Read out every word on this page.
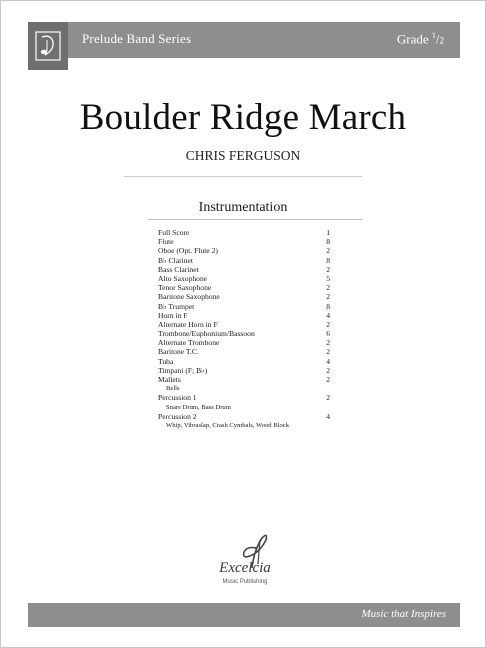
Prelude Band Series	Grade $^1$/2
Boulder Ridge March
CHRIS FERGUSON
Instrumentation
Full Score	1
Flute	8
Oboe (Opt. Flute 2)	2
B♭ Clarinet	8
Bass Clarinet	2
Alto Saxophone	5
Tenor Saxophone	2
Baritone Saxophone	2
B♭ Trumpet	8
Horn in F	4
Alternate Horn in F	2
Trombone/Euphonium/Bassoon	6
Alternate Trombone	2
Baritone T.C.	2
Tuba	4
Timpani (F; B♭)	2
Mallets	2
Bells
Percussion 1	2
Snare Drum, Bass Drum
Percussion 2	4
Whip, Vibraslap, Crash Cymbals, Wood Block
Excelcia
Music Publishing
Music that Inspires
